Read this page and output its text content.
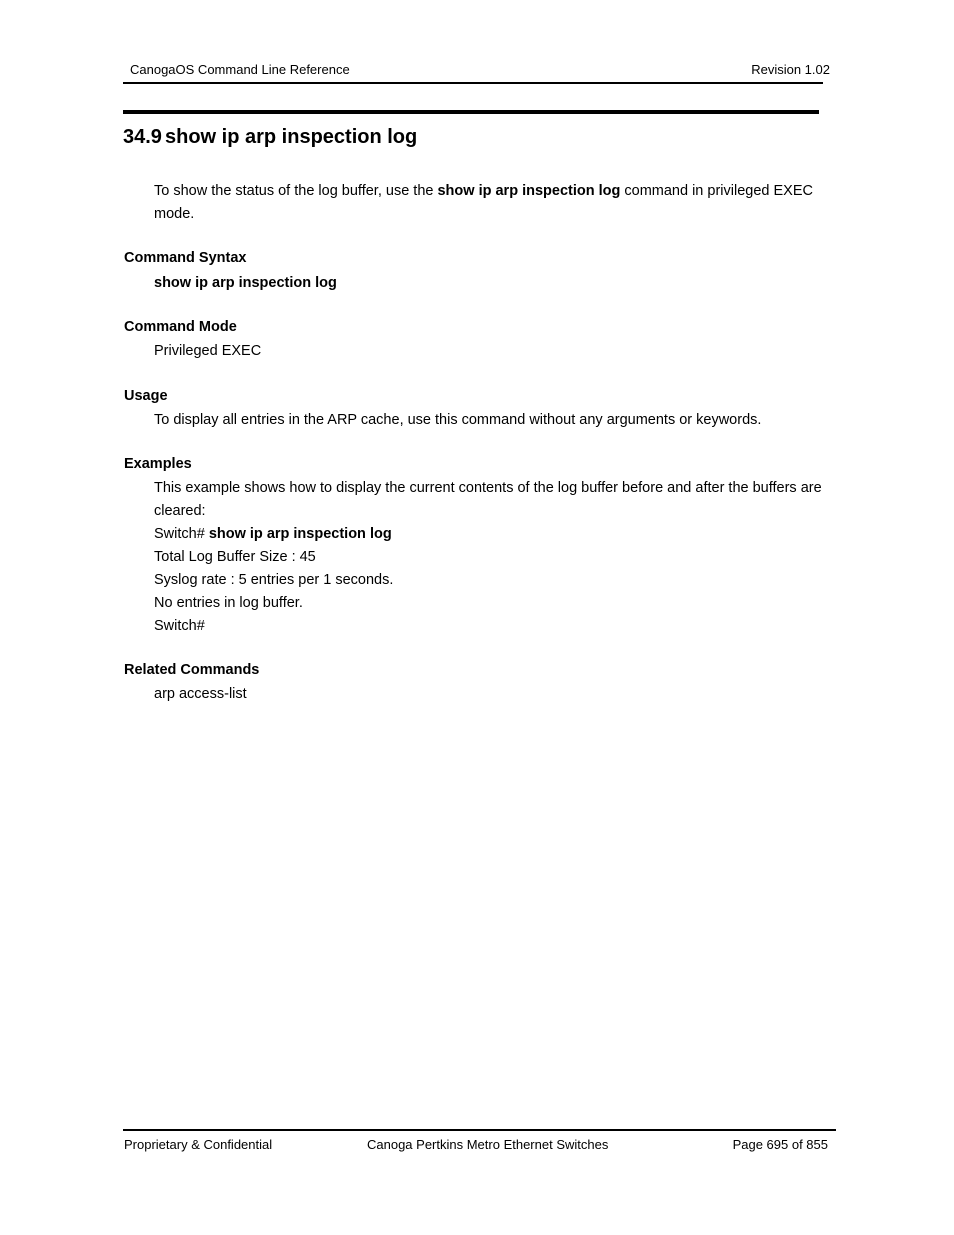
CanogaOS Command Line Reference	Revision 1.02
34.9 show ip arp inspection log
To show the status of the log buffer, use the show ip arp inspection log command in privileged EXEC mode.
Command Syntax
show ip arp inspection log
Command Mode
Privileged EXEC
Usage
To display all entries in the ARP cache, use this command without any arguments or keywords.
Examples
This example shows how to display the current contents of the log buffer before and after the buffers are cleared:
Switch# show ip arp inspection log
Total Log Buffer Size : 45
Syslog rate : 5 entries per 1 seconds.
No entries in log buffer.
Switch#
Related Commands
arp access-list
Proprietary & Confidential	Canoga Pertkins Metro Ethernet Switches	Page 695 of 855
